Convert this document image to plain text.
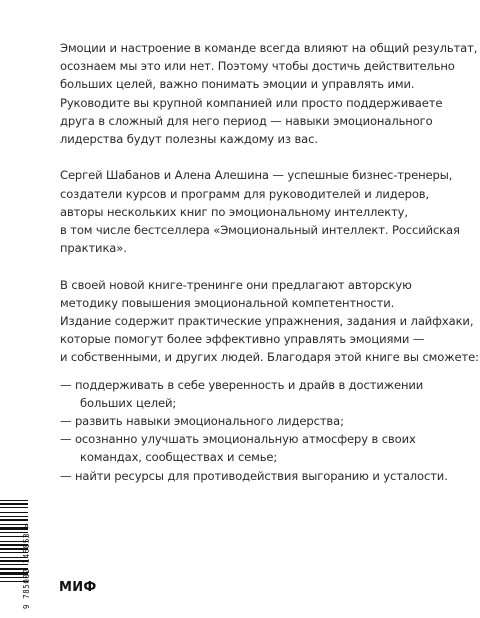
Эмоции и настроение в команде всегда влияют на общий результат,

осознаем мы это или нет. Поэтому чтобы достичь действительно

больших целей, важно понимать эмоции и управлять ими.

Руководите вы крупной компанией или просто поддерживаете

друга в сложный для него период — навыки эмоционального

лидерства будут полезны каждому из вас.

Сергей Шабанов и Алена Алешина — успешные бизнес-тренеры,

создатели курсов и программ для руководителей и лидеров,

авторы нескольких книг по эмоциональному интеллекту,

в том числе бестселлера «Эмоциональный интеллект. Российская

практика».

В своей новой книге-тренинге они предлагают авторскую

методику повышения эмоциональной компетентности.

Издание содержит практические упражнения, задания и лайфхаки,

которые помогут более эффективно управлять эмоциями —

и собственными, и других людей. Благодаря этой книге вы сможете:

— поддерживать в себе уверенность и драйв в достижении

больших целей;

— развить навыки эмоционального лидерства;

— осознанно улучшать эмоциональную атмосферу в своих

командах, сообществах и семье;

— найти ресурсы для противодействия выгоранию и усталости.

9 785002 146853 >
МИФ
